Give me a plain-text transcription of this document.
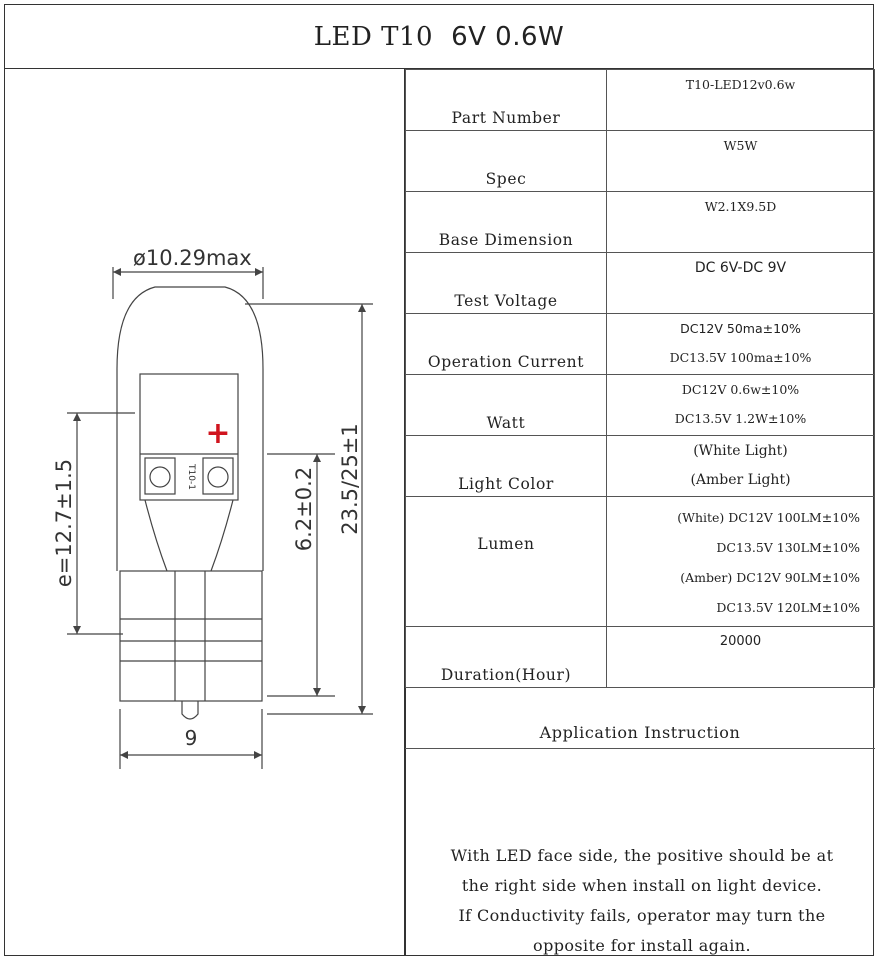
LED T10 6V 0.6W
ø10.29max
9
e=12.7±1.5	6.2±0.2 23.5/25±1
T10-1
+
Part Number	T10-LED12v0.6w

Spec	W5W

Base Dimension	W2.1X9.5D

Test Voltage	DC 6V-DC 9V

Operation Current	DC12V 50ma±10%
DC13.5V 100ma±10%

Watt	DC12V 0.6w±10%
DC13.5V 1.2W±10%

Light Color	(White Light)
(Amber Light)

Lumen	(White) DC12V 100LM±10%
DC13.5V 130LM±10%
(Amber) DC12V 90LM±10%
DC13.5V 120LM±10%

Duration(Hour)	20000
Application Instruction
With LED face side, the positive should be at
the right side when install on light device.
If Conductivity fails, operator may turn the
opposite for install again.
